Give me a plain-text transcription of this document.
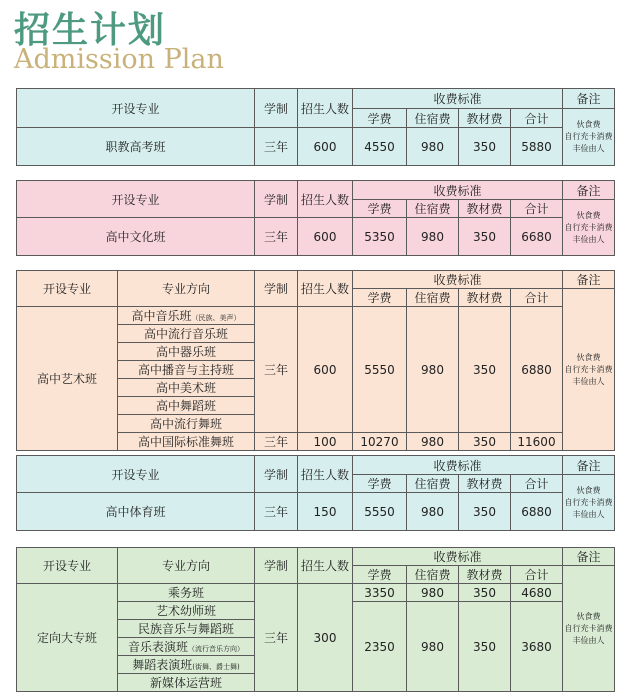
招生计划
Admission Plan
开设专业	学制	招生人数	收费标准				备注
			学费	住宿费	教材费	合计	伙食费
自行充卡消费
丰俭由人

职教高考班	三年	600	4550	980	350	5880	
开设专业	学制	招生人数	收费标准				备注
			学费	住宿费	教材费	合计	伙食费
自行充卡消费
丰俭由人

高中文化班	三年	600	5350	980	350	6680	
开设专业	专业方向	学制	招生人数	收费标准				备注
				学费	住宿费	教材费	合计	伙食费
自行充卡消费
丰俭由人

高中艺术班	高中音乐班（民族、美声）	三年	600	5550	980	350	6880	
	高中流行音乐班							
	高中器乐班							
	高中播音与主持班							
	高中美术班							
	高中舞蹈班							
	高中流行舞班							
	高中国际标准舞班	三年	100	10270	980	350	11600	
开设专业	学制	招生人数	收费标准				备注
			学费	住宿费	教材费	合计	伙食费
自行充卡消费
丰俭由人

高中体育班	三年	150	5550	980	350	6880	
开设专业	专业方向	学制	招生人数	收费标准				备注
				学费	住宿费	教材费	合计	伙食费
自行充卡消费
丰俭由人

定向大专班	乘务班	三年	300	3350	980	350	4680	
	艺术幼师班			2350	980	350	3680	
	民族音乐与舞蹈班							
	音乐表演班（流行音乐方向）							
	舞蹈表演班(街舞、爵士舞)							
	新媒体运营班							
